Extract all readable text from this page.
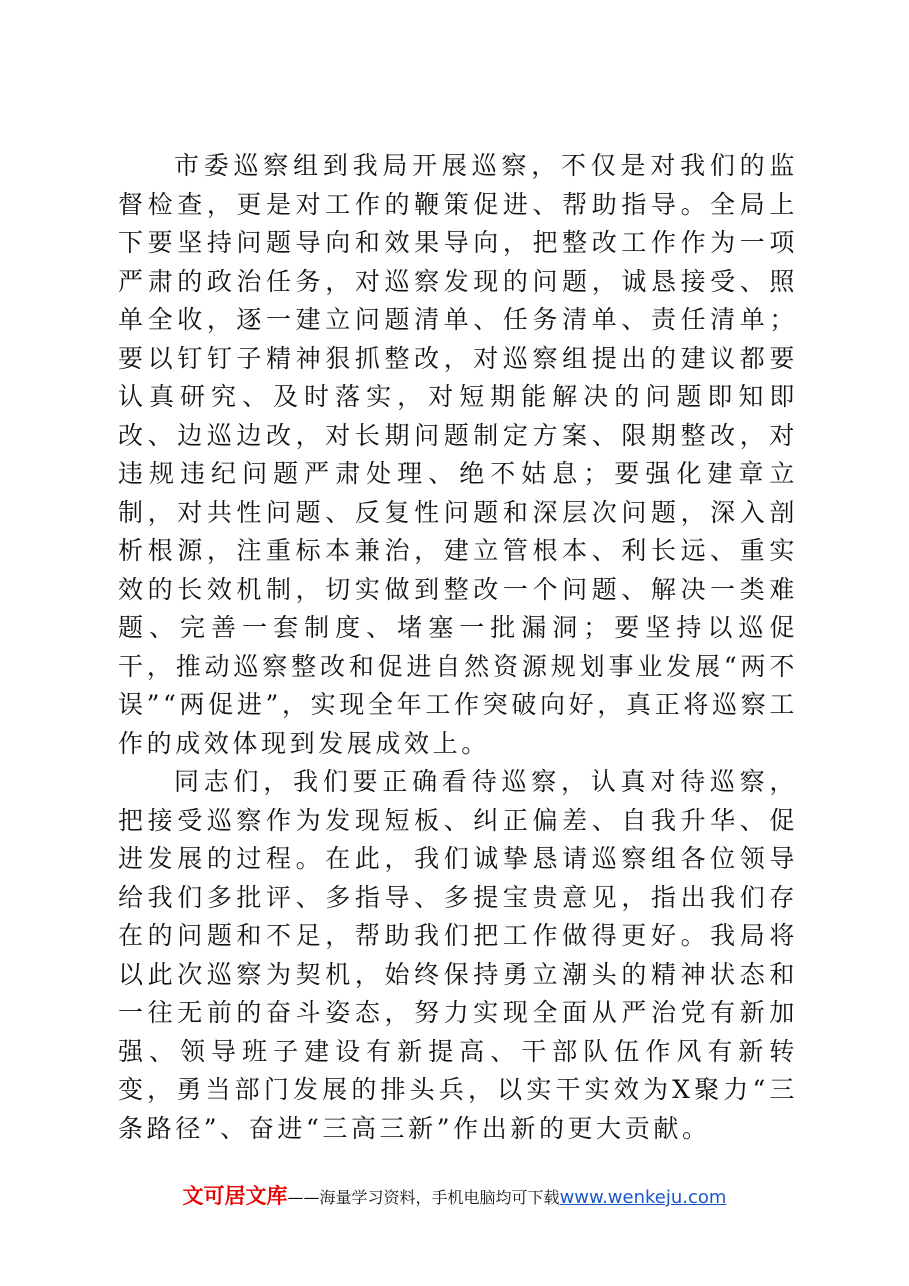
市委巡察组到我局开展巡察，不仅是对我们的监督检查，更是对工作的鞭策促进、帮助指导。全局上下要坚持问题导向和效果导向，把整改工作作为一项严肃的政治任务，对巡察发现的问题，诚恳接受、照单全收，逐一建立问题清单、任务清单、责任清单；要以钉钉子精神狠抓整改，对巡察组提出的建议都要认真研究、及时落实，对短期能解决的问题即知即改、边巡边改，对长期问题制定方案、限期整改，对违规违纪问题严肃处理、绝不姑息；要强化建章立制，对共性问题、反复性问题和深层次问题，深入剖析根源，注重标本兼治，建立管根本、利长远、重实效的长效机制，切实做到整改一个问题、解决一类难题、完善一套制度、堵塞一批漏洞；要坚持以巡促干，推动巡察整改和促进自然资源规划事业发展“两不误”“两促进”，实现全年工作突破向好，真正将巡察工作的成效体现到发展成效上。

同志们，我们要正确看待巡察，认真对待巡察，把接受巡察作为发现短板、纠正偏差、自我升华、促进发展的过程。在此，我们诚挚恳请巡察组各位领导给我们多批评、多指导、多提宝贵意见，指出我们存在的问题和不足，帮助我们把工作做得更好。我局将以此次巡察为契机，始终保持勇立潮头的精神状态和一往无前的奋斗姿态，努力实现全面从严治党有新加强、领导班子建设有新提高、干部队伍作风有新转变，勇当部门发展的排头兵，以实干实效为X聚力“三条路径”、奋进“三高三新”作出新的更大贡献。

文可居文库——海量学习资料，手机电脑均可下载www.wenkeju.com
